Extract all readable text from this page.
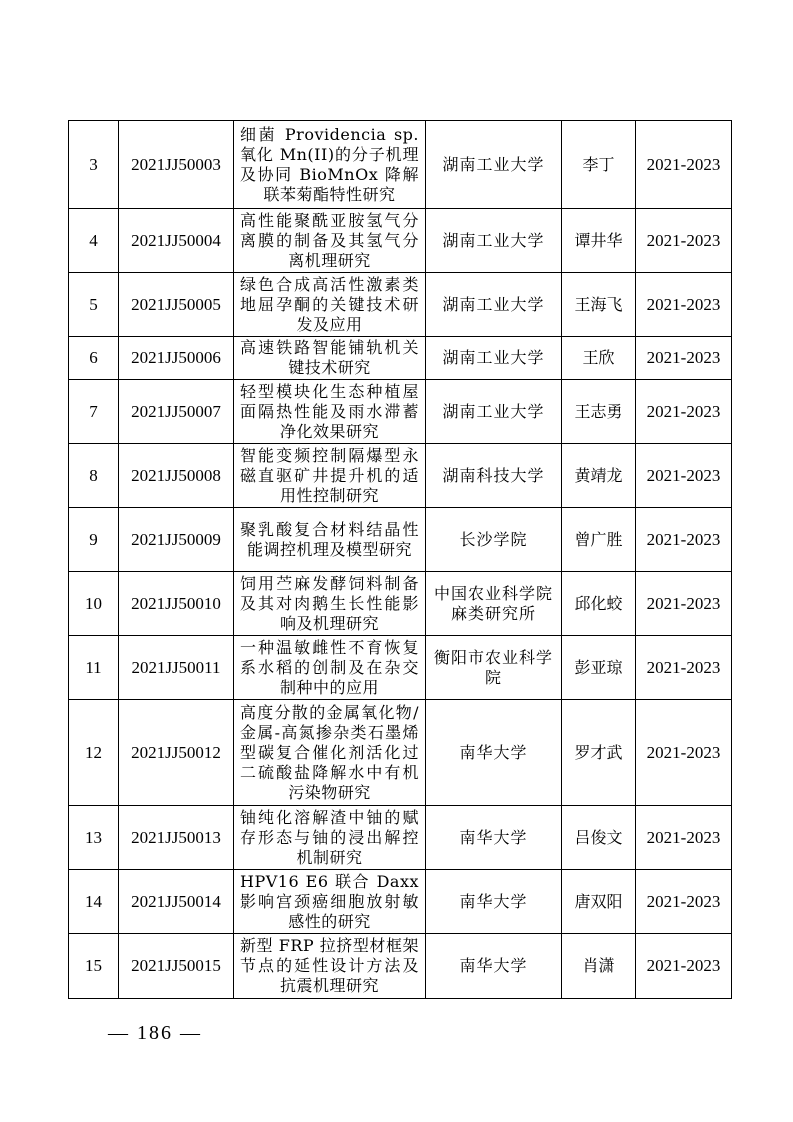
3	2021JJ50003	细菌 Providencia sp.氧化 Mn(II)的分子机理及协同 BioMnOx 降解联苯菊酯特性研究	湖南工业大学	李丁	2021-2023
4	2021JJ50004	高性能聚酰亚胺氢气分离膜的制备及其氢气分离机理研究	湖南工业大学	谭井华	2021-2023
5	2021JJ50005	绿色合成高活性激素类地屈孕酮的关键技术研发及应用	湖南工业大学	王海飞	2021-2023
6	2021JJ50006	高速铁路智能铺轨机关键技术研究	湖南工业大学	王欣	2021-2023
7	2021JJ50007	轻型模块化生态种植屋面隔热性能及雨水滞蓄净化效果研究	湖南工业大学	王志勇	2021-2023
8	2021JJ50008	智能变频控制隔爆型永磁直驱矿井提升机的适用性控制研究	湖南科技大学	黄靖龙	2021-2023
9	2021JJ50009	聚乳酸复合材料结晶性能调控机理及模型研究	长沙学院	曾广胜	2021-2023
10	2021JJ50010	饲用苎麻发酵饲料制备及其对肉鹅生长性能影响及机理研究	中国农业科学院麻类研究所	邱化蛟	2021-2023
11	2021JJ50011	一种温敏雌性不育恢复系水稻的创制及在杂交制种中的应用	衡阳市农业科学院	彭亚琼	2021-2023
12	2021JJ50012	高度分散的金属氧化物/金属-高氮掺杂类石墨烯型碳复合催化剂活化过二硫酸盐降解水中有机污染物研究	南华大学	罗才武	2021-2023
13	2021JJ50013	铀纯化溶解渣中铀的赋存形态与铀的浸出解控机制研究	南华大学	吕俊文	2021-2023
14	2021JJ50014	HPV16 E6 联合 Daxx 影响宫颈癌细胞放射敏感性的研究	南华大学	唐双阳	2021-2023
15	2021JJ50015	新型 FRP 拉挤型材框架节点的延性设计方法及抗震机理研究	南华大学	肖潇	2021-2023
— 186 —
